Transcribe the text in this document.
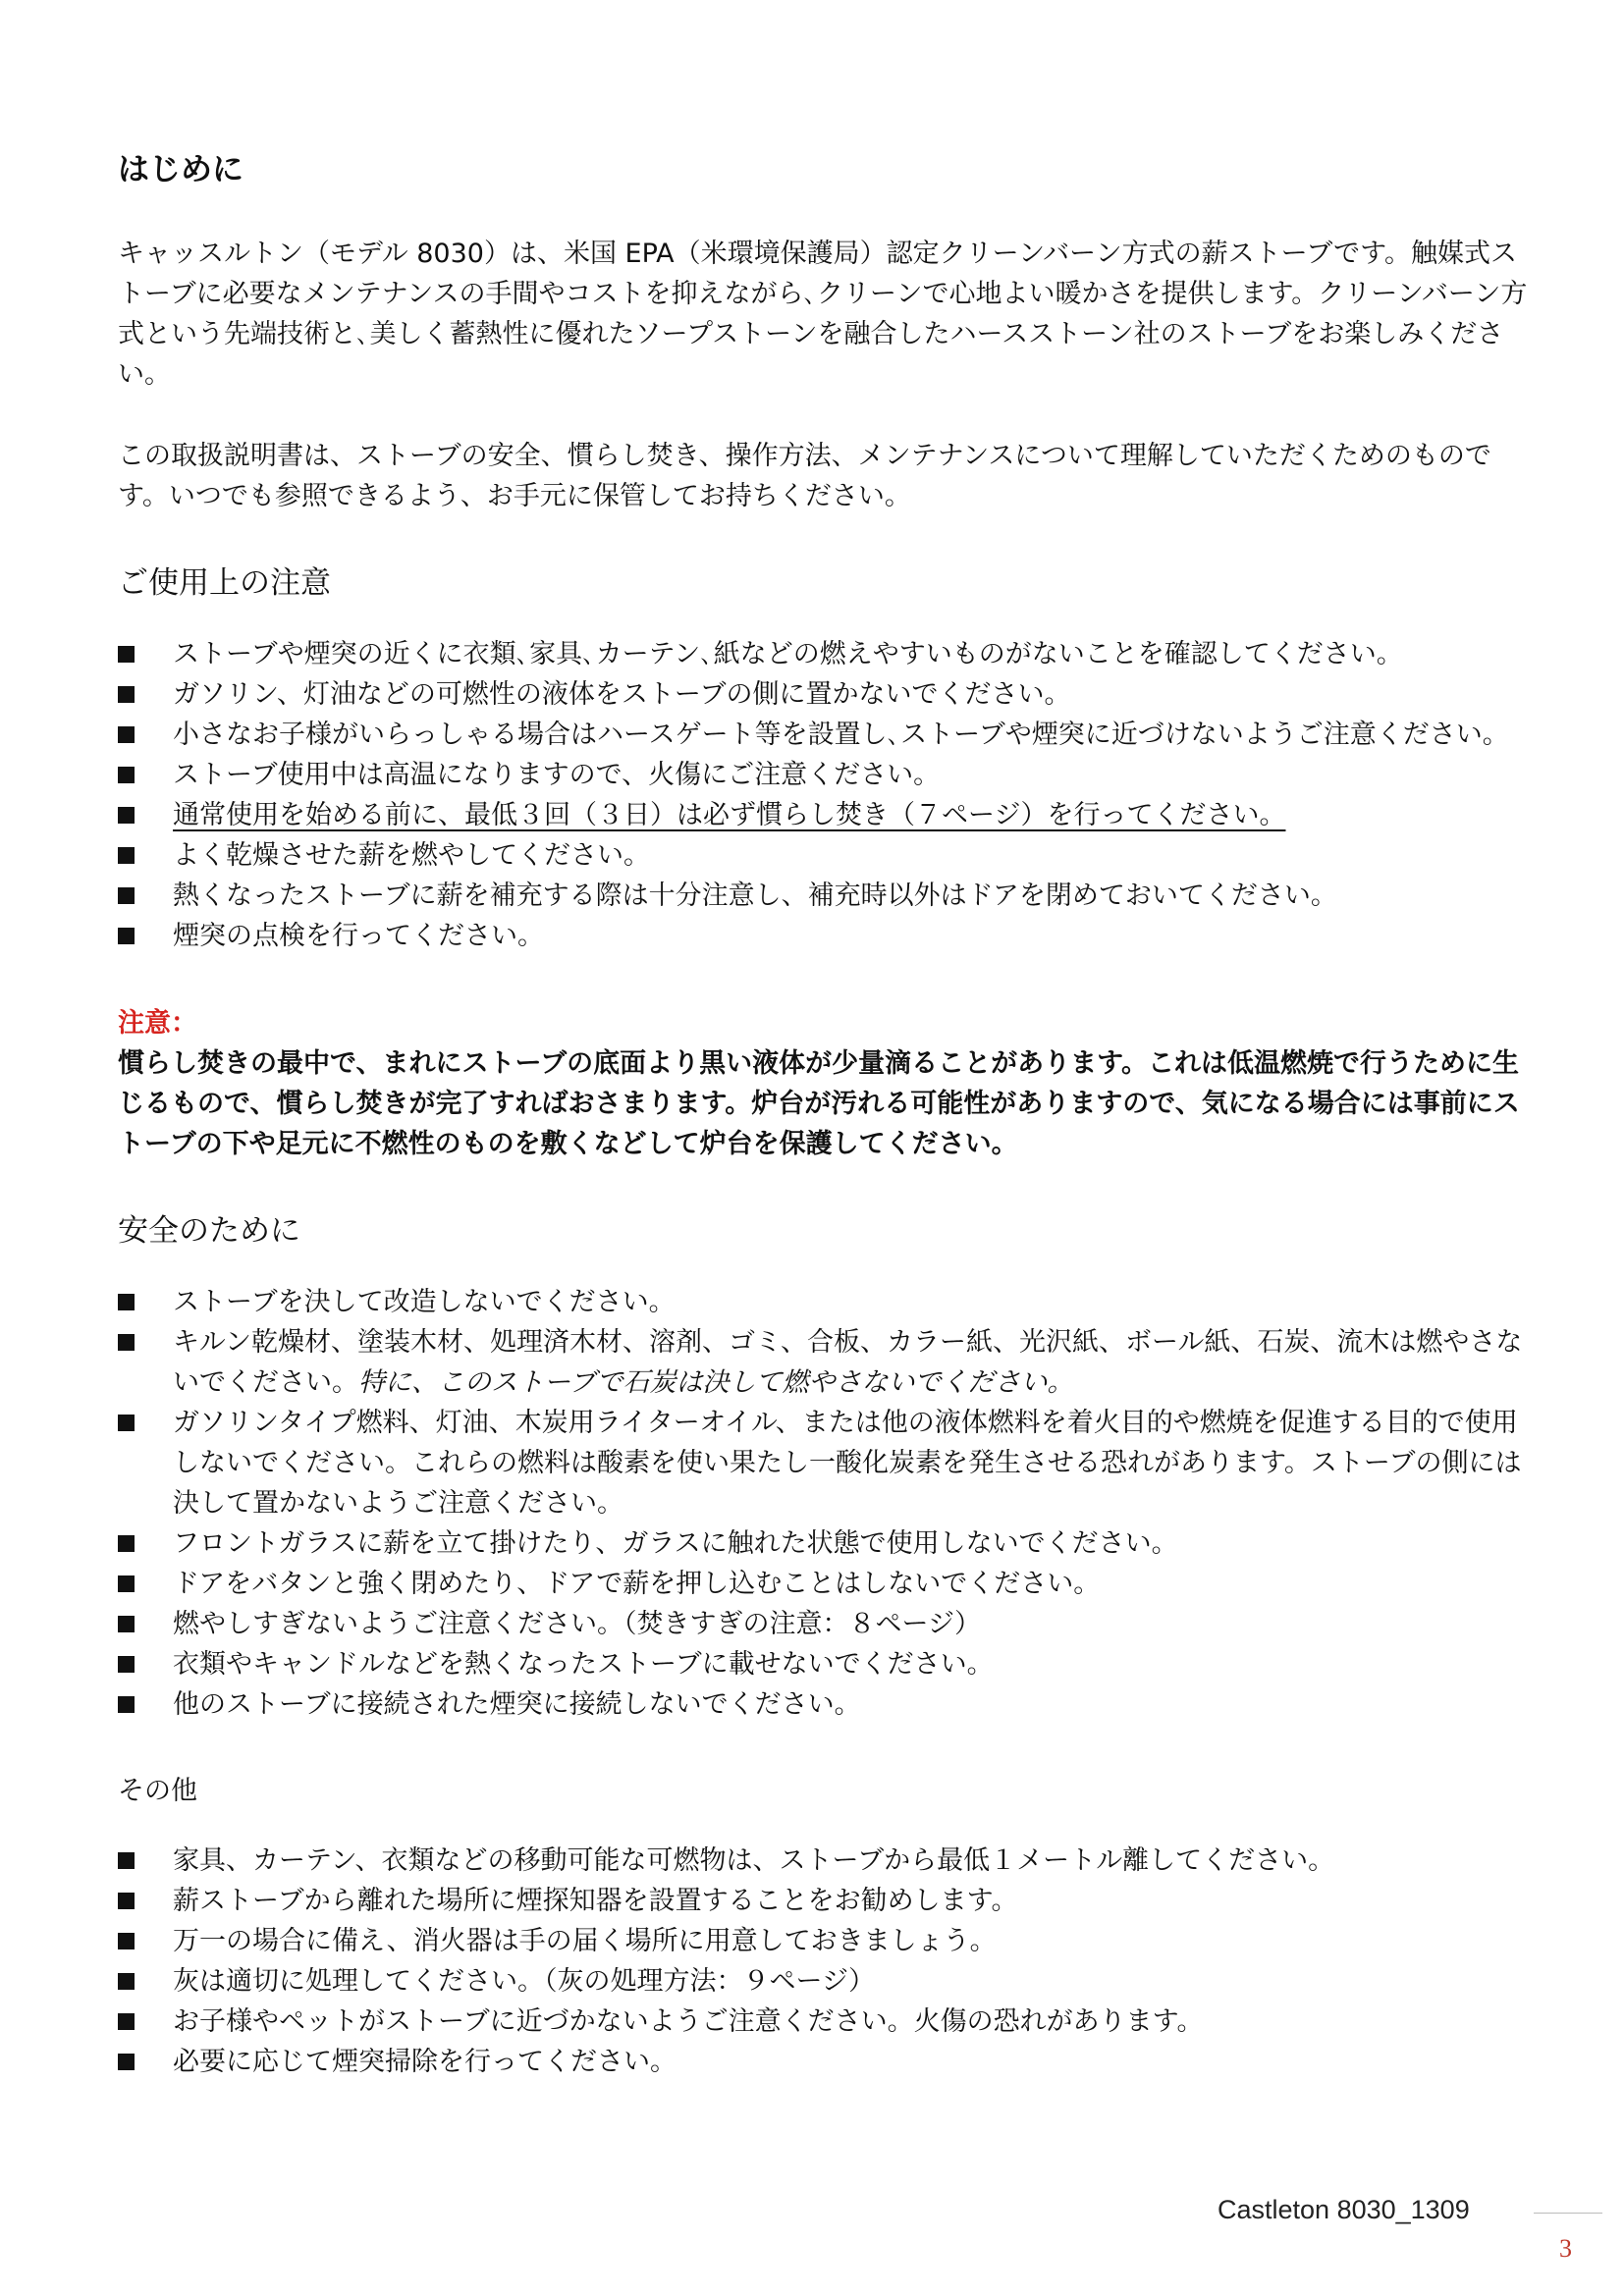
はじめに

キャッスルトン（モデル 8030）は、米国 EPA（米環境保護局）認定クリーンバーン方式の薪ストーブです。触媒式ストーブに必要なメンテナンスの手間やコストを抑えながら､クリーンで心地よい暖かさを提供します。クリーンバーン方式という先端技術と､美しく蓄熱性に優れたソープストーンを融合したハースストーン社のストーブをお楽しみください。

この取扱説明書は、ストーブの安全、慣らし焚き、操作方法、メンテナンスについて理解していただくためのものです。いつでも参照できるよう、お手元に保管してお持ちください。

ご使用上の注意
ストーブや煙突の近くに衣類､家具､カーテン､紙などの燃えやすいものがないことを確認してください。
ガソリン、灯油などの可燃性の液体をストーブの側に置かないでください。
小さなお子様がいらっしゃる場合はハースゲート等を設置し､ストーブや煙突に近づけないようご注意ください。
ストーブ使用中は高温になりますので、火傷にご注意ください。
通常使用を始める前に、最低３回（３日）は必ず慣らし焚き（７ページ）を行ってください。
よく乾燥させた薪を燃やしてください。
熱くなったストーブに薪を補充する際は十分注意し、補充時以外はドアを閉めておいてください。
煙突の点検を行ってください。

注意：

慣らし焚きの最中で、まれにストーブの底面より黒い液体が少量滴ることがあります。これは低温燃焼で行うために生じるもので、慣らし焚きが完了すればおさまります。炉台が汚れる可能性がありますので、気になる場合には事前にストーブの下や足元に不燃性のものを敷くなどして炉台を保護してください。

安全のために
ストーブを決して改造しないでください。
キルン乾燥材、塗装木材、処理済木材、溶剤、ゴミ、合板、カラー紙、光沢紙、ボール紙、石炭、流木は燃やさないでください。特に、このストーブで石炭は決して燃やさないでください。
ガソリンタイプ燃料、灯油、木炭用ライターオイル、または他の液体燃料を着火目的や燃焼を促進する目的で使用しないでください。これらの燃料は酸素を使い果たし一酸化炭素を発生させる恐れがあります。ストーブの側には決して置かないようご注意ください。
フロントガラスに薪を立て掛けたり、ガラスに触れた状態で使用しないでください。
ドアをバタンと強く閉めたり、ドアで薪を押し込むことはしないでください。
燃やしすぎないようご注意ください。（焚きすぎの注意：８ページ）
衣類やキャンドルなどを熱くなったストーブに載せないでください。
他のストーブに接続された煙突に接続しないでください。
その他
家具、カーテン、衣類などの移動可能な可燃物は、ストーブから最低１メートル離してください。
薪ストーブから離れた場所に煙探知器を設置することをお勧めします。
万一の場合に備え、消火器は手の届く場所に用意しておきましょう。
灰は適切に処理してください。（灰の処理方法：９ページ）
お子様やペットがストーブに近づかないようご注意ください。火傷の恐れがあります。
必要に応じて煙突掃除を行ってください。
Castleton 8030_1309
3
